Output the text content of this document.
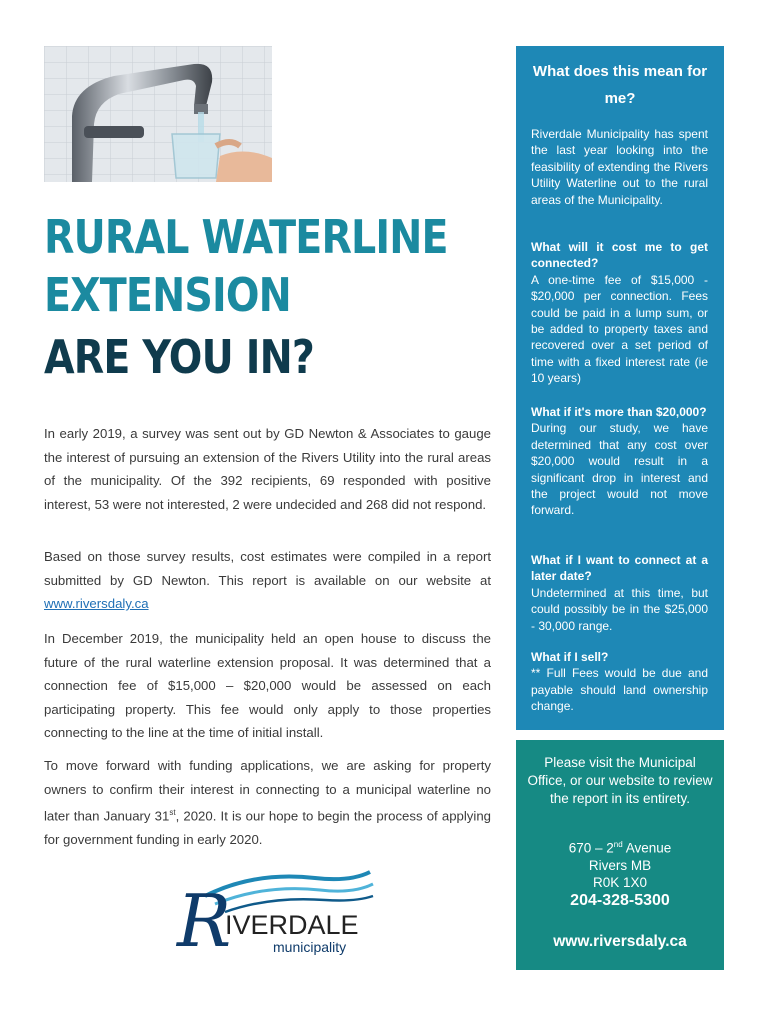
RURAL WATERLINE
EXTENSION
ARE YOU IN?

In early 2019, a survey was sent out by GD Newton & Associates to gauge the interest of pursuing an extension of the Rivers Utility into the rural areas of the municipality. Of the 392 recipients, 69 responded with positive interest, 53 were not interested, 2 were undecided and 268 did not respond.

Based on those survey results, cost estimates were compiled in a report submitted by GD Newton. This report is available on our website at www.riversdaly.ca

In December 2019, the municipality held an open house to discuss the future of the rural waterline extension proposal. It was determined that a connection fee of $15,000 – $20,000 would be assessed on each participating property. This fee would only apply to those properties connecting to the line at the time of initial install.

To move forward with funding applications, we are asking for property owners to confirm their interest in connecting to a municipal waterline no later than January 31st, 2020. It is our hope to begin the process of applying for government funding in early 2020.

What does this mean for me?
Riverdale Municipality has spent the last year looking into the feasibility of extending the Rivers Utility Waterline out to the rural areas of the Municipality.
What will it cost me to get connected?
A one-time fee of $15,000 - $20,000 per connection. Fees could be paid in a lump sum, or be added to property taxes and recovered over a set period of time with a fixed interest rate (ie 10 years)
What if it's more than $20,000?
During our study, we have determined that any cost over $20,000 would result in a significant drop in interest and the project would not move forward.
What if I want to connect at a later date?
Undetermined at this time, but could possibly be in the $25,000 - 30,000 range.
What if I sell?
** Full Fees would be due and payable should land ownership change.
Please visit the Municipal Office, or our website to review the report in its entirety.
670 – 2nd Avenue
Rivers MB
R0K 1X0
204-328-5300
www.riversdaly.ca
R
IVERDALE
municipality
